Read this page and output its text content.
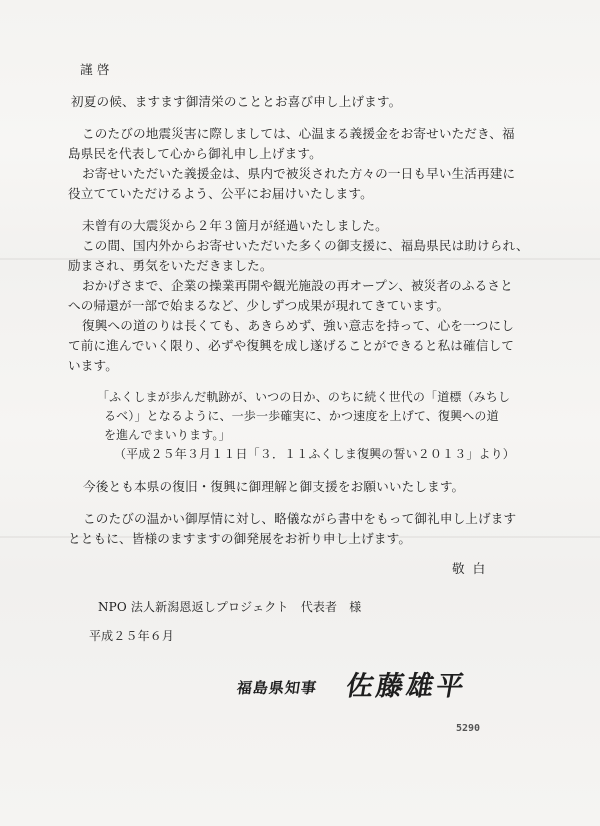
謹 啓
初夏の候、ますます御清栄のこととお喜び申し上げます。
このたびの地震災害に際しましては、心温まる義援金をお寄せいただき、福
島県民を代表して心から御礼申し上げます。
お寄せいただいた義援金は、県内で被災された方々の一日も早い生活再建に
役立てていただけるよう、公平にお届けいたします。
未曾有の大震災から２年３箇月が経過いたしました。
この間、国内外からお寄せいただいた多くの御支援に、福島県民は助けられ、
励まされ、勇気をいただきました。
おかげさまで、企業の操業再開や観光施設の再オープン、被災者のふるさと
への帰還が一部で始まるなど、少しずつ成果が現れてきています。
復興への道のりは長くても、あきらめず、強い意志を持って、心を一つにし
て前に進んでいく限り、必ずや復興を成し遂げることができると私は確信して
います。
「ふくしまが歩んだ軌跡が、いつの日か、のちに続く世代の「道標（みちし
るべ）」となるように、一歩一歩確実に、かつ速度を上げて、復興への道
を進んでまいります。」
（平成２５年３月１１日「３．１１ふくしま復興の誓い２０１３」より）
今後とも本県の復旧・復興に御理解と御支援をお願いいたします。
このたびの温かい御厚情に対し、略儀ながら書中をもって御礼申し上げます
とともに、皆様のますますの御発展をお祈り申し上げます。
敬 白
NPO 法人新潟恩返しプロジェクト　代表者　様
平成２５年６月
福島県知事 佐藤雄平
5290
